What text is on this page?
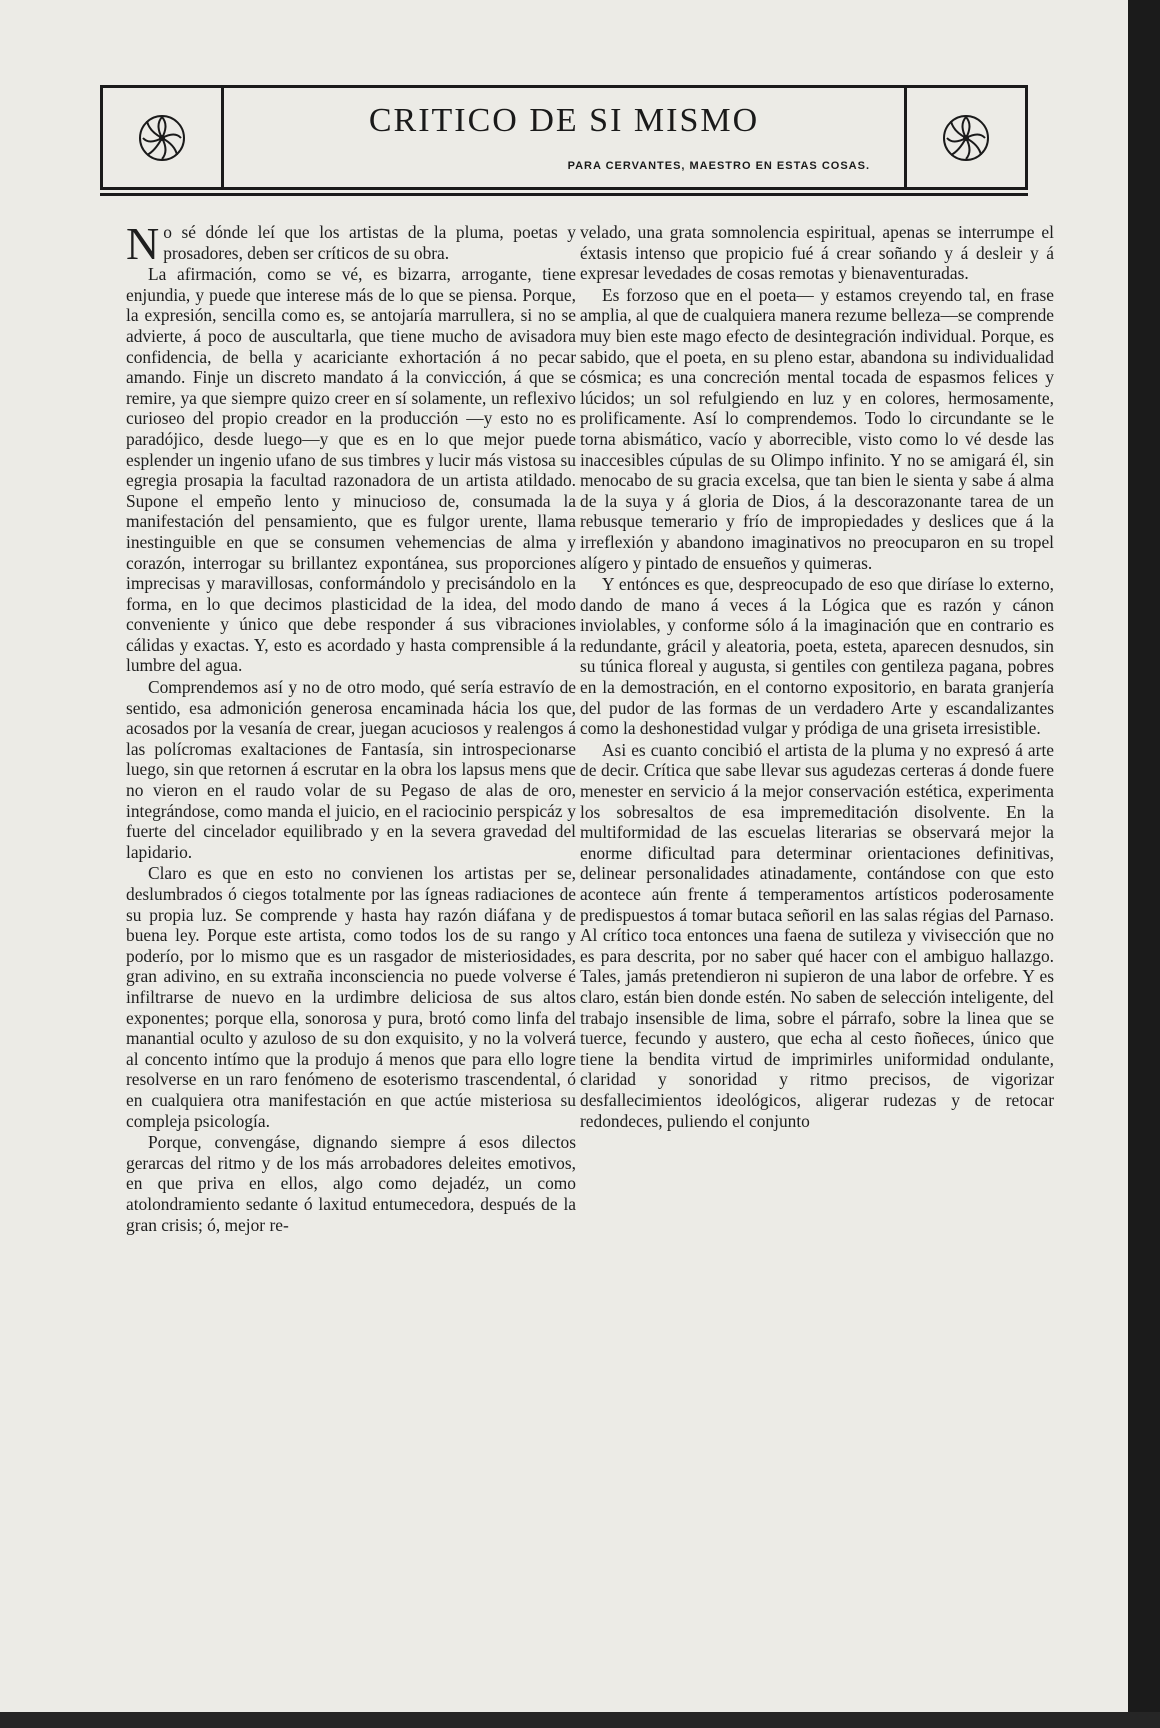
CRITICO DE SI MISMO
PARA CERVANTES, MAESTRO EN ESTAS COSAS.

No sé dónde leí que los artistas de la pluma, poetas y prosadores, deben ser críticos de su obra.

La afirmación, como se vé, es bizarra, arrogante, tiene enjundia, y puede que interese más de lo que se piensa. Porque, la expresión, sencilla como es, se antojaría marrullera, si no se advierte, á poco de auscultarla, que tiene mucho de avisadora confidencia, de bella y acariciante exhortación á no pecar amando. Finje un discreto mandato á la convicción, á que se remire, ya que siempre quizo creer en sí solamente, un reflexivo curioseo del propio creador en la producción —y esto no es paradójico, desde luego—y que es en lo que mejor puede esplender un ingenio ufano de sus timbres y lucir más vistosa su egregia prosapia la facultad razonadora de un artista atildado. Supone el empeño lento y minucioso de, consumada la manifestación del pensamiento, que es fulgor urente, llama inestinguible en que se consumen vehemencias de alma y corazón, interrogar su brillantez expontánea, sus proporciones imprecisas y maravillosas, conformándolo y precisándolo en la forma, en lo que decimos plasticidad de la idea, del modo conveniente y único que debe responder á sus vibraciones cálidas y exactas. Y, esto es acordado y hasta comprensible á la lumbre del agua.

Comprendemos así y no de otro modo, qué sería estravío de sentido, esa admonición generosa encaminada hácia los que, acosados por la vesanía de crear, juegan acuciosos y realengos á las polícromas exaltaciones de Fantasía, sin introspecionarse luego, sin que retornen á escrutar en la obra los lapsus mens que no vieron en el raudo volar de su Pegaso de alas de oro, integrándose, como manda el juicio, en el raciocinio perspicáz y fuerte del cincelador equilibrado y en la severa gravedad del lapidario.

Claro es que en esto no convienen los artistas per se, deslumbrados ó ciegos totalmente por las ígneas radiaciones de su propia luz. Se comprende y hasta hay razón diáfana y de buena ley. Porque este artista, como todos los de su rango y poderío, por lo mismo que es un rasgador de misteriosidades, gran adivino, en su extraña inconsciencia no puede volverse é infiltrarse de nuevo en la urdimbre deliciosa de sus altos exponentes; porque ella, sonorosa y pura, brotó como linfa del manantial oculto y azuloso de su don exquisito, y no la volverá al concento intímo que la produjo á menos que para ello logre resolverse en un raro fenómeno de esoterismo trascendental, ó en cualquiera otra manifestación en que actúe misteriosa su compleja psicología.

Porque, convengáse, dignando siempre á esos dilectos gerarcas del ritmo y de los más arrobadores deleites emotivos, en que priva en ellos, algo como dejadéz, un como atolondramiento sedante ó laxitud entumecedora, después de la gran crisis; ó, mejor re-

velado, una grata somnolencia espiritual, apenas se interrumpe el éxtasis intenso que propicio fué á crear soñando y á desleir y á expresar levedades de cosas remotas y bienaventuradas.

Es forzoso que en el poeta— y estamos creyendo tal, en frase amplia, al que de cualquiera manera rezume belleza—se comprende muy bien este mago efecto de desintegración individual. Porque, es sabido, que el poeta, en su pleno estar, abandona su individualidad cósmica; es una concreción mental tocada de espasmos felices y lúcidos; un sol refulgiendo en luz y en colores, hermosamente, prolificamente. Así lo comprendemos. Todo lo circundante se le torna abismático, vacío y aborrecible, visto como lo vé desde las inaccesibles cúpulas de su Olimpo infinito. Y no se amigará él, sin menocabo de su gracia excelsa, que tan bien le sienta y sabe á alma de la suya y á gloria de Dios, á la descorazonante tarea de un rebusque temerario y frío de impropiedades y deslices que á la irreflexión y abandono imaginativos no preocuparon en su tropel alígero y pintado de ensueños y quimeras.

Y entónces es que, despreocupado de eso que diríase lo externo, dando de mano á veces á la Lógica que es razón y cánon inviolables, y conforme sólo á la imaginación que en contrario es redundante, grácil y aleatoria, poeta, esteta, aparecen desnudos, sin su túnica floreal y augusta, si gentiles con gentileza pagana, pobres en la demostración, en el contorno expositorio, en barata granjería del pudor de las formas de un verdadero Arte y escandalizantes como la deshonestidad vulgar y pródiga de una griseta irresistible.

Asi es cuanto concibió el artista de la pluma y no expresó á arte de decir. Crítica que sabe llevar sus agudezas certeras á donde fuere menester en servicio á la mejor conservación estética, experimenta los sobresaltos de esa impremeditación disolvente. En la multiformidad de las escuelas literarias se observará mejor la enorme dificultad para determinar orientaciones definitivas, delinear personalidades atinadamente, contándose con que esto acontece aún frente á temperamentos artísticos poderosamente predispuestos á tomar butaca señoril en las salas régias del Parnaso. Al crítico toca entonces una faena de sutileza y vivisección que no es para descrita, por no saber qué hacer con el ambiguo hallazgo. Tales, jamás pretendieron ni supieron de una labor de orfebre. Y es claro, están bien donde estén. No saben de selección inteligente, del trabajo insensible de lima, sobre el párrafo, sobre la linea que se tuerce, fecundo y austero, que echa al cesto ñoñeces, único que tiene la bendita virtud de imprimirles uniformidad ondulante, claridad y sonoridad y ritmo precisos, de vigorizar desfallecimientos ideológicos, aligerar rudezas y de retocar redondeces, puliendo el conjunto
